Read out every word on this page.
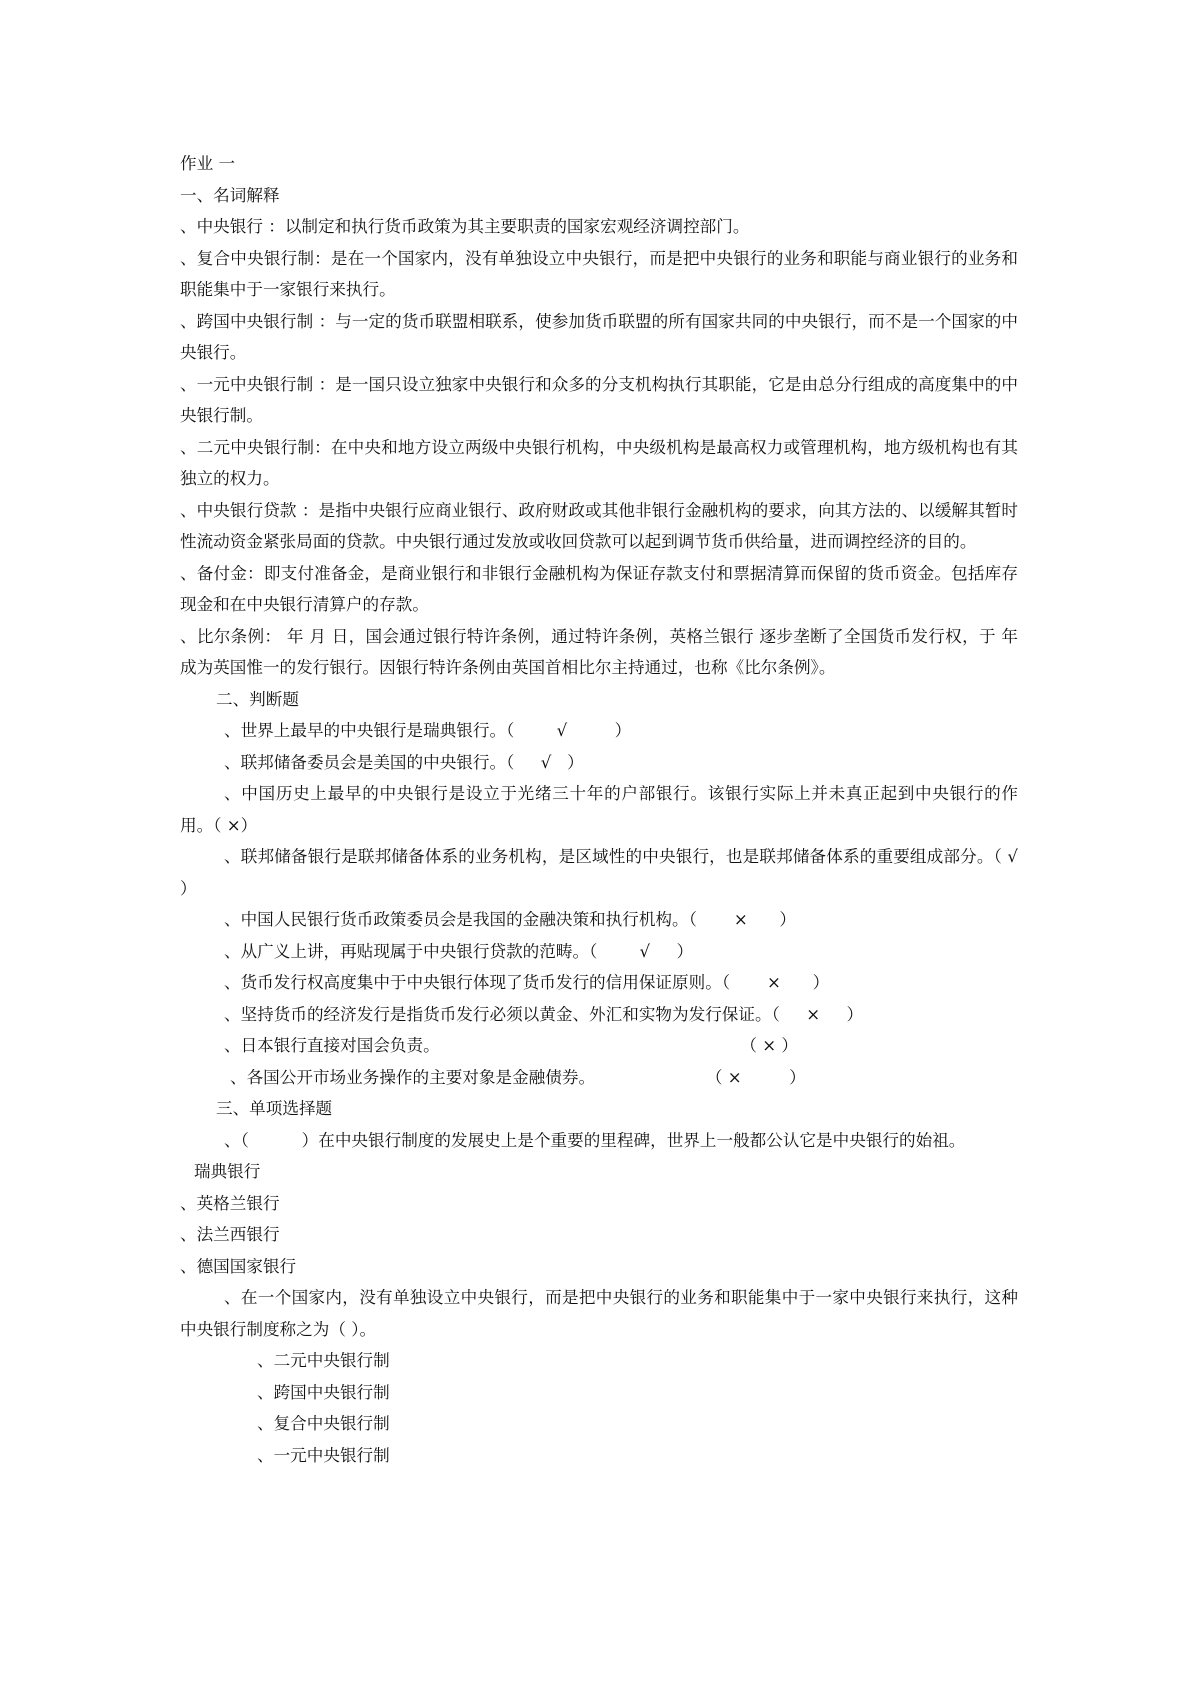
作业 一
一、名词解释
、中央银行 ：以制定和执行货币政策为其主要职责的国家宏观经济调控部门。
、复合中央银行制：是在一个国家内，没有单独设立中央银行，而是把中央银行的业务和职能与商业银行的业务和职能集中于一家银行来执行。
、跨国中央银行制 ：与一定的货币联盟相联系，使参加货币联盟的所有国家共同的中央银行，而不是一个国家的中央银行。
、一元中央银行制 ：是一国只设立独家中央银行和众多的分支机构执行其职能，它是由总分行组成的高度集中的中央银行制。
、二元中央银行制：在中央和地方设立两级中央银行机构，中央级机构是最高权力或管理机构，地方级机构也有其独立的权力。
、中央银行贷款 ：是指中央银行应商业银行、政府财政或其他非银行金融机构的要求，向其方法的、以缓解其暂时性流动资金紧张局面的贷款。中央银行通过发放或收回贷款可以起到调节货币供给量，进而调控经济的目的。
、备付金：即支付准备金，是商业银行和非银行金融机构为保证存款支付和票据清算而保留的货币资金。包括库存现金和在中央银行清算户的存款。
、比尔条例： 年 月 日，国会通过银行特许条例，通过特许条例，英格兰银行 逐步垄断了全国货币发行权，于 年成为英国惟一的发行银行。因银行特许条例由英国首相比尔主持通过，也称《比尔条例》。
二、判断题
、世界上最早的中央银行是瑞典银行。（        √         ）
、联邦储备委员会是美国的中央银行。（     √   ）
、中国历史上最早的中央银行是设立于光绪三十年的户部银行。该银行实际上并未真正起到中央银行的作用。（ ×）
、联邦储备银行是联邦储备体系的业务机构，是区域性的中央银行，也是联邦储备体系的重要组成部分。（ √ ）
、中国人民银行货币政策委员会是我国的金融决策和执行机构。（       ×      ）
、从广义上讲，再贴现属于中央银行贷款的范畴。（        √     ）
、货币发行权高度集中于中央银行体现了货币发行的信用保证原则。（       ×      ）
、坚持货币的经济发行是指货币发行必须以黄金、外汇和实物为发行保证。（     ×     ）
、日本银行直接对国会负责。                                                         （ × ）
、各国公开市场业务操作的主要对象是金融债券。                     （ ×         ）
三、单项选择题
、（          ）在中央银行制度的发展史上是个重要的里程碑，世界上一般都公认它是中央银行的始祖。
瑞典银行
、英格兰银行
、法兰西银行
、德国国家银行
、在一个国家内，没有单独设立中央银行，而是把中央银行的业务和职能集中于一家中央银行来执行，这种中央银行制度称之为（ ）。
、二元中央银行制
、跨国中央银行制
、复合中央银行制
、一元中央银行制
